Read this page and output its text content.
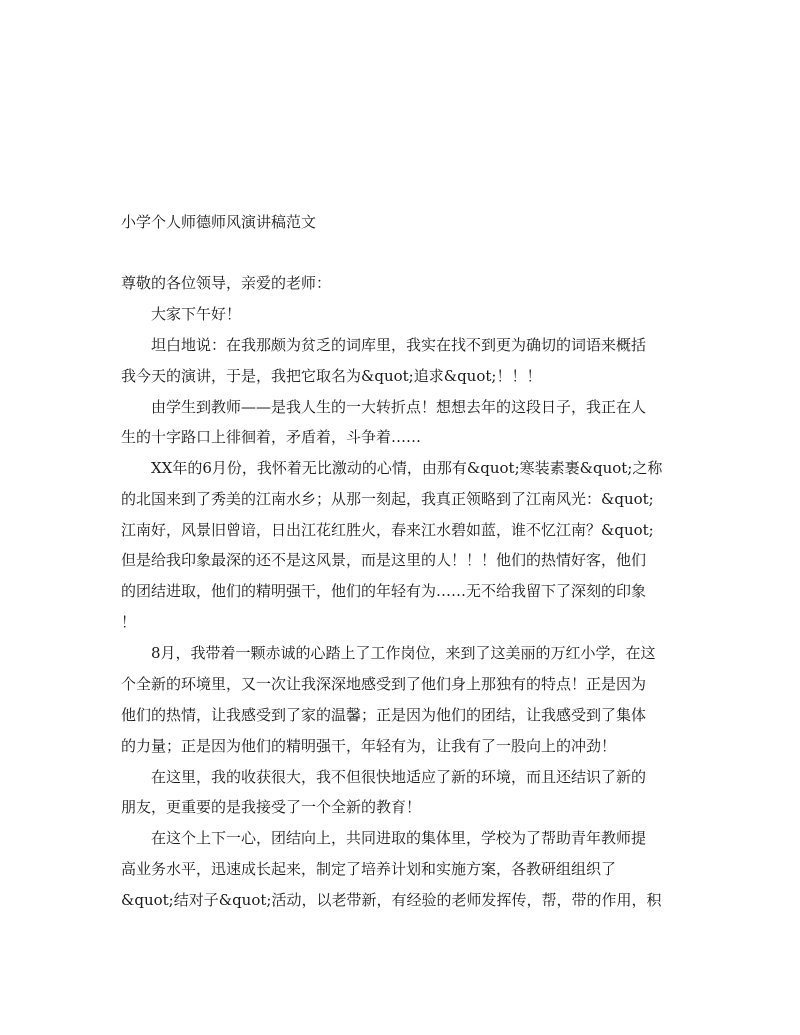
小学个人师德师风演讲稿范文
尊敬的各位领导，亲爱的老师：
大家下午好！
坦白地说：在我那颇为贫乏的词库里，我实在找不到更为确切的词语来概括
我今天的演讲，于是，我把它取名为&quot;追求&quot;！！！
由学生到教师——是我人生的一大转折点！想想去年的这段日子，我正在人
生的十字路口上徘徊着，矛盾着，斗争着……
XX年的6月份，我怀着无比激动的心情，由那有&quot;寒装素裹&quot;之称
的北国来到了秀美的江南水乡；从那一刻起，我真正领略到了江南风光：&quot;
江南好，风景旧曾谙，日出江花红胜火，春来江水碧如蓝，谁不忆江南？&quot;
但是给我印象最深的还不是这风景，而是这里的人！！！他们的热情好客，他们
的团结进取，他们的精明强干，他们的年轻有为……无不给我留下了深刻的印象
！
8月，我带着一颗赤诚的心踏上了工作岗位，来到了这美丽的万红小学，在这
个全新的环境里，又一次让我深深地感受到了他们身上那独有的特点！正是因为
他们的热情，让我感受到了家的温馨；正是因为他们的团结，让我感受到了集体
的力量；正是因为他们的精明强干，年轻有为，让我有了一股向上的冲劲！
在这里，我的收获很大，我不但很快地适应了新的环境，而且还结识了新的
朋友，更重要的是我接受了一个全新的教育！
在这个上下一心，团结向上，共同进取的集体里，学校为了帮助青年教师提
高业务水平，迅速成长起来，制定了培养计划和实施方案，各教研组组织了
&quot;结对子&quot;活动，以老带新，有经验的老师发挥传，帮，带的作用，积
